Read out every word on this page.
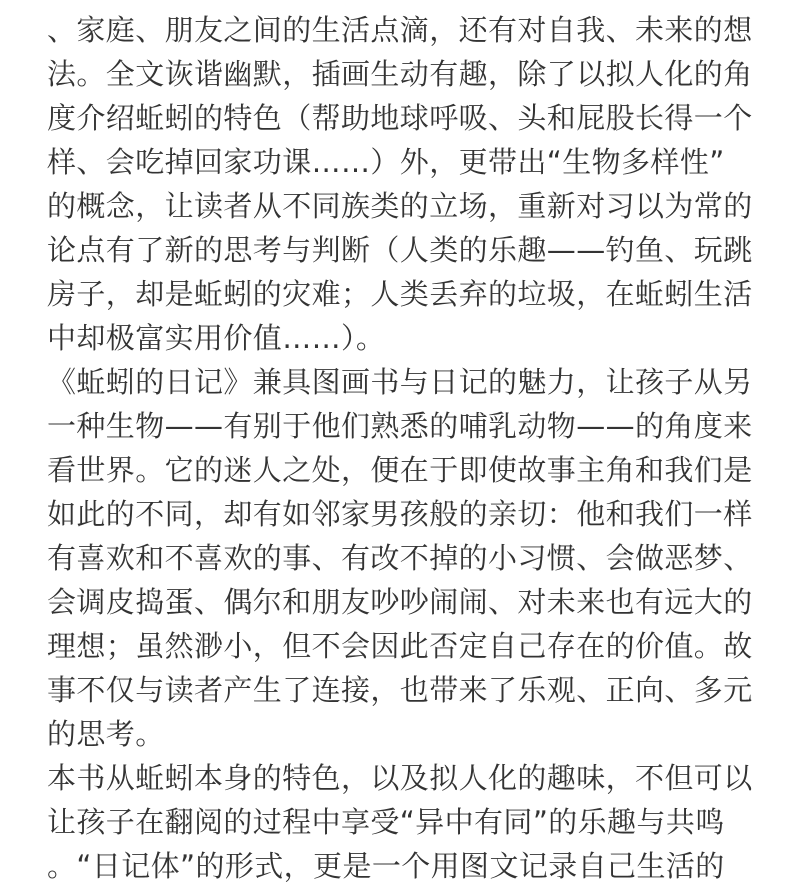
、家庭、朋友之间的生活点滴，还有对自我、未来的想
法。全文诙谐幽默，插画生动有趣，除了以拟人化的角
度介绍蚯蚓的特色（帮助地球呼吸、头和屁股长得一个
样、会吃掉回家功课……）外，更带出“生物多样性”
的概念，让读者从不同族类的立场，重新对习以为常的
论点有了新的思考与判断（人类的乐趣——钓鱼、玩跳
房子，却是蚯蚓的灾难；人类丢弃的垃圾，在蚯蚓生活
中却极富实用价值……）。
《蚯蚓的日记》兼具图画书与日记的魅力，让孩子从另
一种生物——有别于他们熟悉的哺乳动物——的角度来
看世界。它的迷人之处，便在于即使故事主角和我们是
如此的不同，却有如邻家男孩般的亲切：他和我们一样
有喜欢和不喜欢的事、有改不掉的小习惯、会做恶梦、
会调皮捣蛋、偶尔和朋友吵吵闹闹、对未来也有远大的
理想；虽然渺小，但不会因此否定自己存在的价值。故
事不仅与读者产生了连接，也带来了乐观、正向、多元
的思考。
本书从蚯蚓本身的特色，以及拟人化的趣味，不但可以
让孩子在翻阅的过程中享受“异中有同”的乐趣与共鸣
。“日记体”的形式，更是一个用图文记录自己生活的
